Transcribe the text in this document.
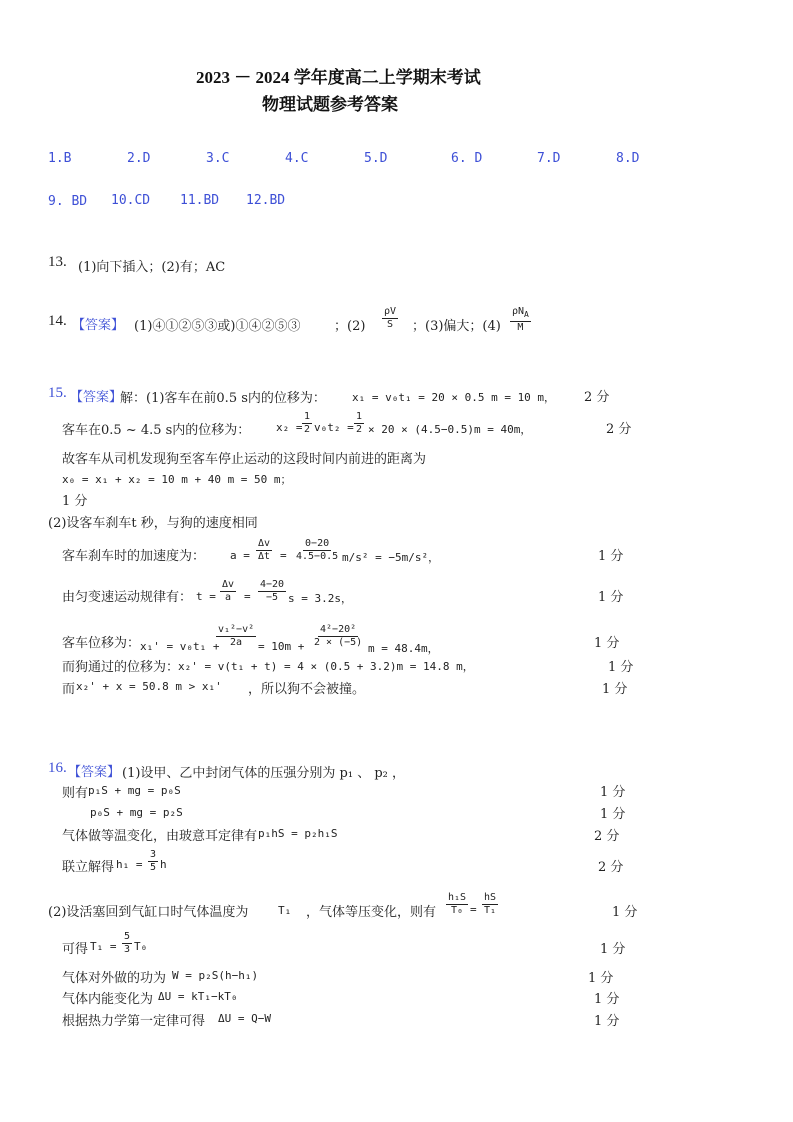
2023 － 2024 学年度高二上学期末考试
物理试题参考答案
1.B	2.D	3.C	4.C	5.D	6. D	7.D	8.D
9. BD 10.CD 11.BD 12.BD
13. (1)向下插入；(2)有；AC
14. 【答案】 (1)④①②⑤③或)①④②⑤③	；$(2) \frac{\rho V}{S}$ ；(3)偏大；$(4) \frac{\rho N_A}{M}$
15. 【答案】
解：(1)客车在前0.5 s内的位移为： x₁ = v₀t₁ = 20 × 0.5 m = 10 m， 2 分
客车在0.5 ~ 4.5 s内的位移为： $x_2 = \frac{1}{2} v_0t_2 = \frac{1}{2} \times 20 \times (4.5-0.5)m = 40m$，	2 分
故客车从司机发现狗至客车停止运动的这段时间内前进的距离为
x₀ = x₁ + x₂ = 10 m + 40 m = 50 m；
1 分
(2)设客车刹车t 秒，与狗的速度相同
客车刹车时的加速度为： $a = \frac{\Delta v}{\Delta t} = \frac{0-20}{4.5-0.5} m/s^2 = -5m/s^2$，	1 分
由匀变速运动规律有： $t = \frac{\Delta v}{a} = \frac{4-20}{-5}$ s = 3.2s，	1 分
客车位移为： x₁' = v₀t₁ +
$\frac{\text{v₁²−v²}}{2a} = 10m + \frac{\text{4²−20²}}{2 \times (-5)}$ m = 48.4m，	1 分
而狗通过的位移为：
x₂' = v(t₁ + t) = 4 × (0.5 + 3.2)m = 14.8 m，	1 分
而 x₂' + x = 50.8 m > x₁' ，所以狗不会被撞。	1 分
16. 【答案】 (1)设甲、乙中封闭气体的压强分别为 p₁ 、 p₂ ，
则有 p₁S + mg = p₀S	1 分
p₀S + mg = p₂S	1 分
气体做等温变化，由玻意耳定律有 p₁hS = p₂h₁S	2 分
联立解得 $h_1 = \frac{3}{5}$ h	2 分
(2)设活塞回到气缸口时气体温度为	T₁ ，气体等压变化，则有 $\frac{\text{h₁S}}{\text{T₀}} = \frac{hS}{\text{T₁}}$	1 分
可得 $T_1 = \frac{5}{3} T_0$	1 分
气体对外做的功为 W = p₂S(h−h₁)	1 分
气体内能变化为 ΔU = kT₁−kT₀	1 分
根据热力学第一定律可得 ΔU = Q−W	1 分
